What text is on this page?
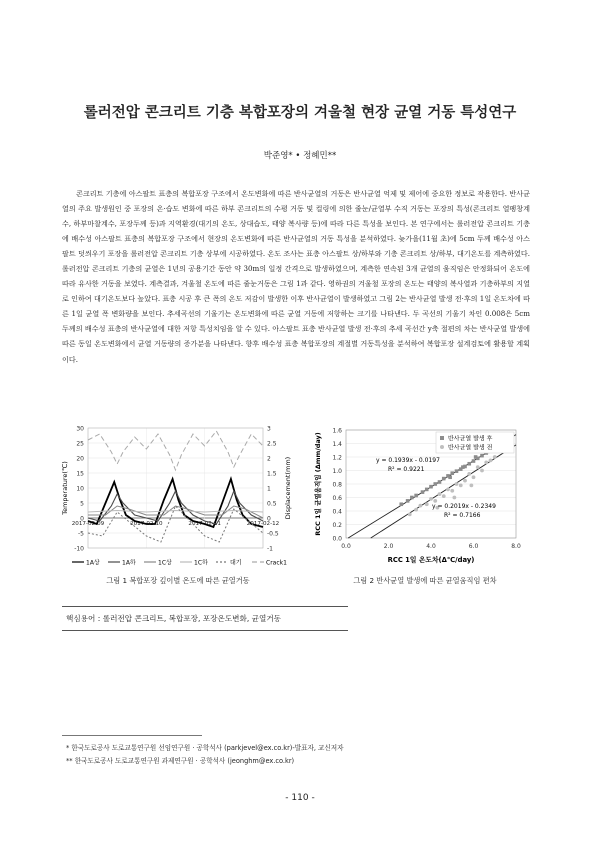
롤러전압 콘크리트 기층 복합포장의 겨울철 현장 균열 거동 특성연구
박준영* • 정혜민**
콘크리트 기층에 아스팔트 표층의 복합포장 구조에서 온도변화에 따른 반사균열의 거동은 반사균열 억제 및 제어에 중요한 정보로 작용한다. 반사균열의 주요 발생원인 중 포장의 온·습도 변화에 따른 하부 콘크리트의 수평 거동 및 컬링에 의한 줄눈/균열부 수직 거동는 포장의 특성(콘크리트 열팽창계수, 하부마찰계수, 포장두께 등)과 지역환경(대기의 온도, 상대습도, 태양 복사량 등)에 따라 다른 특성을 보인다. 본 연구에서는 롤러전압 콘크리트 기층에 배수성 아스팔트 표층의 복합포장 구조에서 현장의 온도변화에 따른 반사균열의 거동 특성을 분석하였다. 늦가을(11월 초)에 5cm 두께 배수성 아스팔트 덧씌우기 포장을 롤러전압 콘크리트 기층 상부에 시공하였다. 온도 조사는 표층 아스팔트 상/하부와 기층 콘크리트 상/하부, 대기온도를 계측하였다. 롤러전압 콘크리트 기층의 균열은 1년의 공용기간 동안 약 30m의 일정 간격으로 발생하였으며, 계측한 연속된 3개 균열의 움직임은 안정화되어 온도에 따라 유사한 거동을 보였다. 계측결과, 겨울철 온도에 따른 줄눈거동은 그림 1과 같다. 영하권의 겨울철 포장의 온도는 태양의 복사열과 기층하부의 지열로 인하여 대기온도보다 높았다. 표층 시공 후 큰 폭의 온도 저감이 발생한 이후 반사균열이 발생하였고 그림 2는 반사균열 발생 전·후의 1일 온도차에 따른 1일 균열 폭 변화량을 보인다. 추세곡선의 기울기는 온도변화에 따른 균열 거동에 저항하는 크기를 나타낸다. 두 곡선의 기울기 차인 0.008은 5cm 두께의 배수성 표층의 반사균열에 대한 저항 특성치임을 알 수 있다. 아스팔트 표층 반사균열 발생 전·후의 추세 곡선간 y축 절편의 차는 반사균열 발생에 따른 동일 온도변화에서 균열 거동량의 증가분을 나타낸다. 향후 배수성 표층 복합포장의 계절별 거동특성을 분석하여 복합포장 설계검토에 활용할 계획이다.
30
25
20
15
10
5
0
-5
-10
3
2.5
2
1.5
1
0.5
0
-0.5
-1
2017-02-09	2017-02-10	2017-02-11	2017-02-12
Temperature(℃)	Displacement(mm)
1A상	1A하	1C상	1C하	대기	Crack1
그림 1 복합포장 깊이별 온도에 따른 균열거동
1.6
1.4
1.2
1.0
0.8
0.6
0.4
0.2
0.0
0.0	2.0	4.0	6.0	8.0
RCC 1일 온도차(Δ℃/day)
RCC 1일 균열움직임 (Δmm/day)	y = 0.1939x - 0.0197
R² = 0.9221
y = 0.2019x - 0.2349
R² = 0.7166
반사균열 발생 후
반사균열 발생 전
그림 2 반사균열 발생에 따른 균열움직임 편차
핵심용어 : 롤러전압 콘크리트, 복합포장, 포장온도변화, 균열거동
* 한국도로공사 도로교통연구원 선임연구원 · 공학석사 (parkjevel@ex.co.kr)-발표자, 교신저자
** 한국도로공사 도로교통연구원 과제연구원 · 공학석사 (jeonghm@ex.co.kr)
- 110 -
